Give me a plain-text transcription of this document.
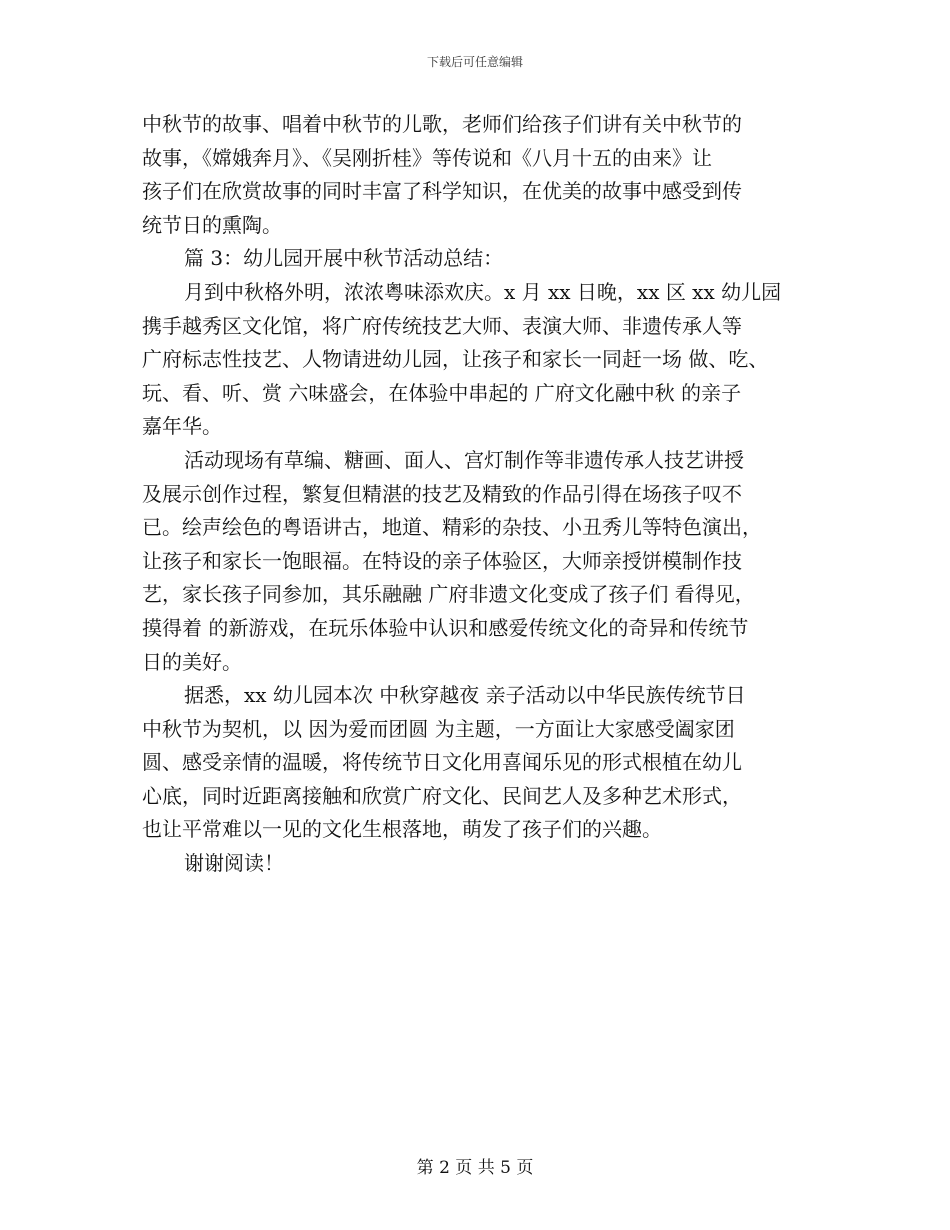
下载后可任意编辑
中秋节的故事、唱着中秋节的儿歌，老师们给孩子们讲有关中秋节的
故事，《嫦娥奔月》、《吴刚折桂》等传说和《八月十五的由来》让
孩子们在欣赏故事的同时丰富了科学知识，在优美的故事中感受到传
统节日的熏陶。
篇 3：幼儿园开展中秋节活动总结：
月到中秋格外明，浓浓粤味添欢庆。x 月 xx 日晚，xx 区 xx 幼儿园
携手越秀区文化馆，将广府传统技艺大师、表演大师、非遗传承人等
广府标志性技艺、人物请进幼儿园，让孩子和家长一同赶一场 做、吃、
玩、看、听、赏 六味盛会，在体验中串起的 广府文化融中秋 的亲子
嘉年华。
活动现场有草编、糖画、面人、宫灯制作等非遗传承人技艺讲授
及展示创作过程，繁复但精湛的技艺及精致的作品引得在场孩子叹不
已。绘声绘色的粤语讲古，地道、精彩的杂技、小丑秀儿等特色演出，
让孩子和家长一饱眼福。在特设的亲子体验区，大师亲授饼模制作技
艺，家长孩子同参加，其乐融融 广府非遗文化变成了孩子们 看得见，
摸得着 的新游戏，在玩乐体验中认识和感爱传统文化的奇异和传统节
日的美好。
据悉，xx 幼儿园本次 中秋穿越夜 亲子活动以中华民族传统节日
中秋节为契机，以 因为爱而团圆 为主题，一方面让大家感受阖家团
圆、感受亲情的温暖，将传统节日文化用喜闻乐见的形式根植在幼儿
心底，同时近距离接触和欣赏广府文化、民间艺人及多种艺术形式，
也让平常难以一见的文化生根落地，萌发了孩子们的兴趣。
谢谢阅读！
第 2 页 共 5 页
